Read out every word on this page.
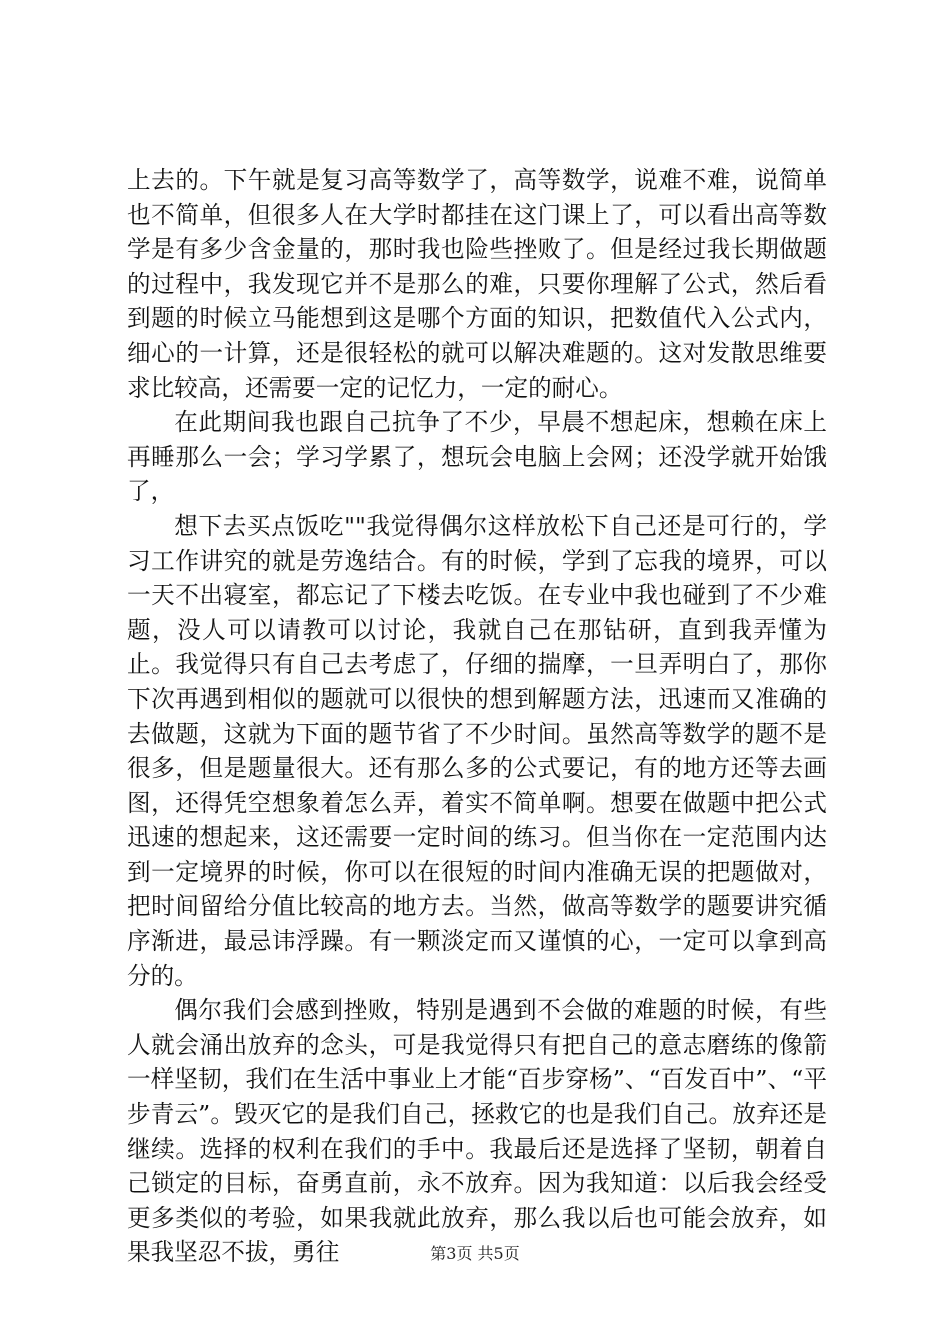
上去的。下午就是复习高等数学了，高等数学，说难不难，说简单也不简单，但很多人在大学时都挂在这门课上了，可以看出高等数学是有多少含金量的，那时我也险些挫败了。但是经过我长期做题的过程中，我发现它并不是那么的难，只要你理解了公式，然后看到题的时候立马能想到这是哪个方面的知识，把数值代入公式内，细心的一计算，还是很轻松的就可以解决难题的。这对发散思维要求比较高，还需要一定的记忆力，一定的耐心。

在此期间我也跟自己抗争了不少，早晨不想起床，想赖在床上再睡那么一会；学习学累了，想玩会电脑上会网；还没学就开始饿了，

想下去买点饭吃""我觉得偶尔这样放松下自己还是可行的，学习工作讲究的就是劳逸结合。有的时候，学到了忘我的境界，可以一天不出寝室，都忘记了下楼去吃饭。在专业中我也碰到了不少难题，没人可以请教可以讨论，我就自己在那钻研，直到我弄懂为止。我觉得只有自己去考虑了，仔细的揣摩，一旦弄明白了，那你下次再遇到相似的题就可以很快的想到解题方法，迅速而又准确的去做题，这就为下面的题节省了不少时间。虽然高等数学的题不是很多，但是题量很大。还有那么多的公式要记，有的地方还等去画图，还得凭空想象着怎么弄，着实不简单啊。想要在做题中把公式迅速的想起来，这还需要一定时间的练习。但当你在一定范围内达到一定境界的时候，你可以在很短的时间内准确无误的把题做对，把时间留给分值比较高的地方去。当然，做高等数学的题要讲究循序渐进，最忌讳浮躁。有一颗淡定而又谨慎的心，一定可以拿到高分的。

偶尔我们会感到挫败，特别是遇到不会做的难题的时候，有些人就会涌出放弃的念头，可是我觉得只有把自己的意志磨练的像箭一样坚韧，我们在生活中事业上才能“百步穿杨”、“百发百中”、“平步青云”。毁灭它的是我们自己，拯救它的也是我们自己。放弃还是继续。选择的权利在我们的手中。我最后还是选择了坚韧，朝着自己锁定的目标，奋勇直前，永不放弃。因为我知道：以后我会经受更多类似的考验，如果我就此放弃，那么我以后也可能会放弃，如果我坚忍不拔，勇往	第3页 共5页
